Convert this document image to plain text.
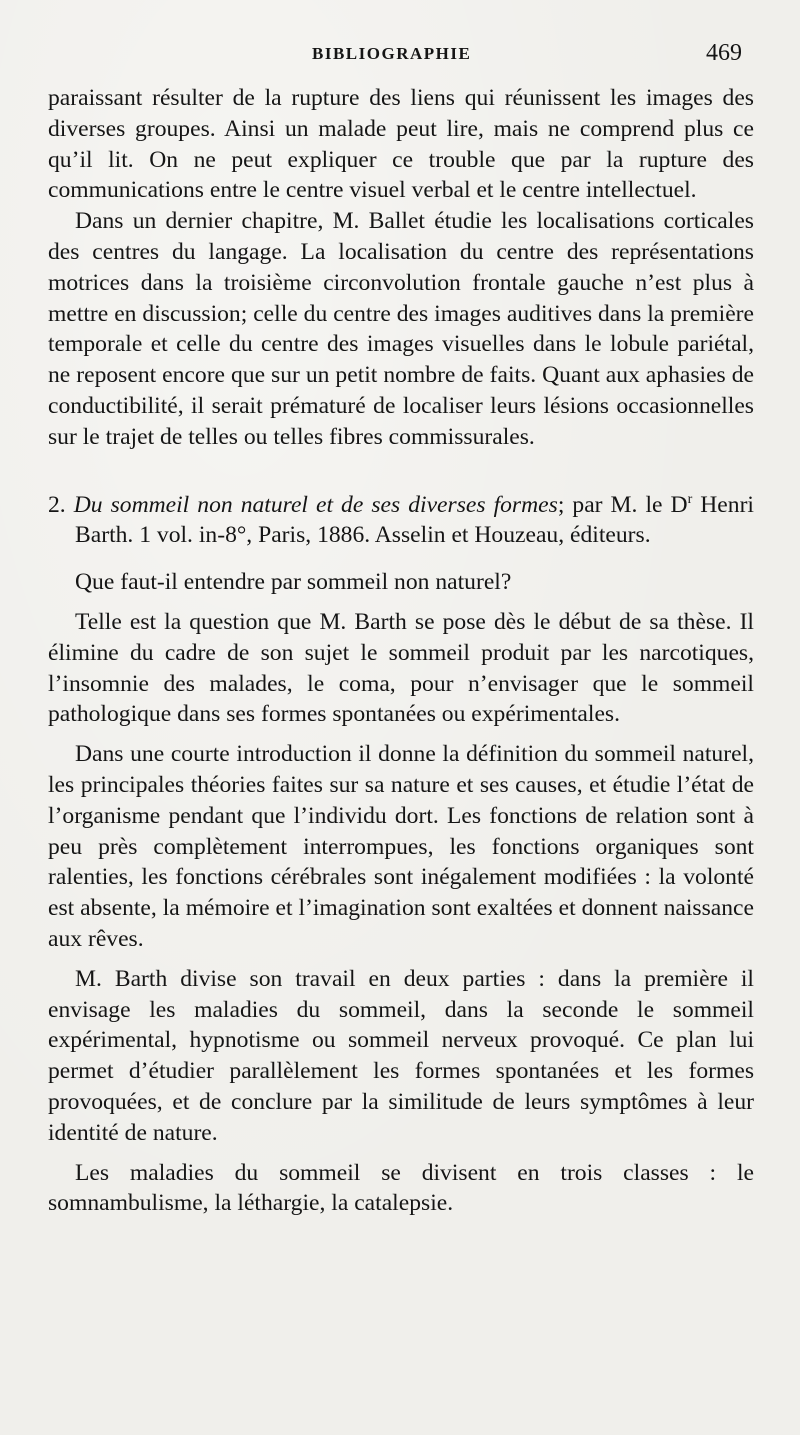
BIBLIOGRAPHIE	469

paraissant résulter de la rupture des liens qui réunissent les images des diverses groupes. Ainsi un malade peut lire, mais ne comprend plus ce qu’il lit. On ne peut expliquer ce trouble que par la rupture des communications entre le centre visuel verbal et le centre intellectuel.

Dans un dernier chapitre, M. Ballet étudie les localisations corticales des centres du langage. La localisation du centre des représentations motrices dans la troisième circonvolution frontale gauche n’est plus à mettre en discussion; celle du centre des images auditives dans la première temporale et celle du centre des images visuelles dans le lobule pariétal, ne reposent encore que sur un petit nombre de faits. Quant aux aphasies de conductibilité, il serait prématuré de localiser leurs lésions occasionnelles sur le trajet de telles ou telles fibres commissurales.

2. Du sommeil non naturel et de ses diverses formes; par M. le $D^r$ Henri Barth. 1 vol. in-8°, Paris, 1886. Asselin et Houzeau, éditeurs.

Que faut-il entendre par sommeil non naturel?

Telle est la question que M. Barth se pose dès le début de sa thèse. Il élimine du cadre de son sujet le sommeil produit par les narcotiques, l’insomnie des malades, le coma, pour n’envisager que le sommeil pathologique dans ses formes spontanées ou expérimentales.

Dans une courte introduction il donne la définition du sommeil naturel, les principales théories faites sur sa nature et ses causes, et étudie l’état de l’organisme pendant que l’individu dort. Les fonctions de relation sont à peu près complètement interrompues, les fonctions organiques sont ralenties, les fonctions cérébrales sont inégalement modifiées : la volonté est absente, la mémoire et l’imagination sont exaltées et donnent naissance aux rêves.

M. Barth divise son travail en deux parties : dans la première il envisage les maladies du sommeil, dans la seconde le sommeil expérimental, hypnotisme ou sommeil nerveux provoqué. Ce plan lui permet d’étudier parallèlement les formes spontanées et les formes provoquées, et de conclure par la similitude de leurs symptômes à leur identité de nature.

Les maladies du sommeil se divisent en trois classes : le somnambulisme, la léthargie, la catalepsie.
